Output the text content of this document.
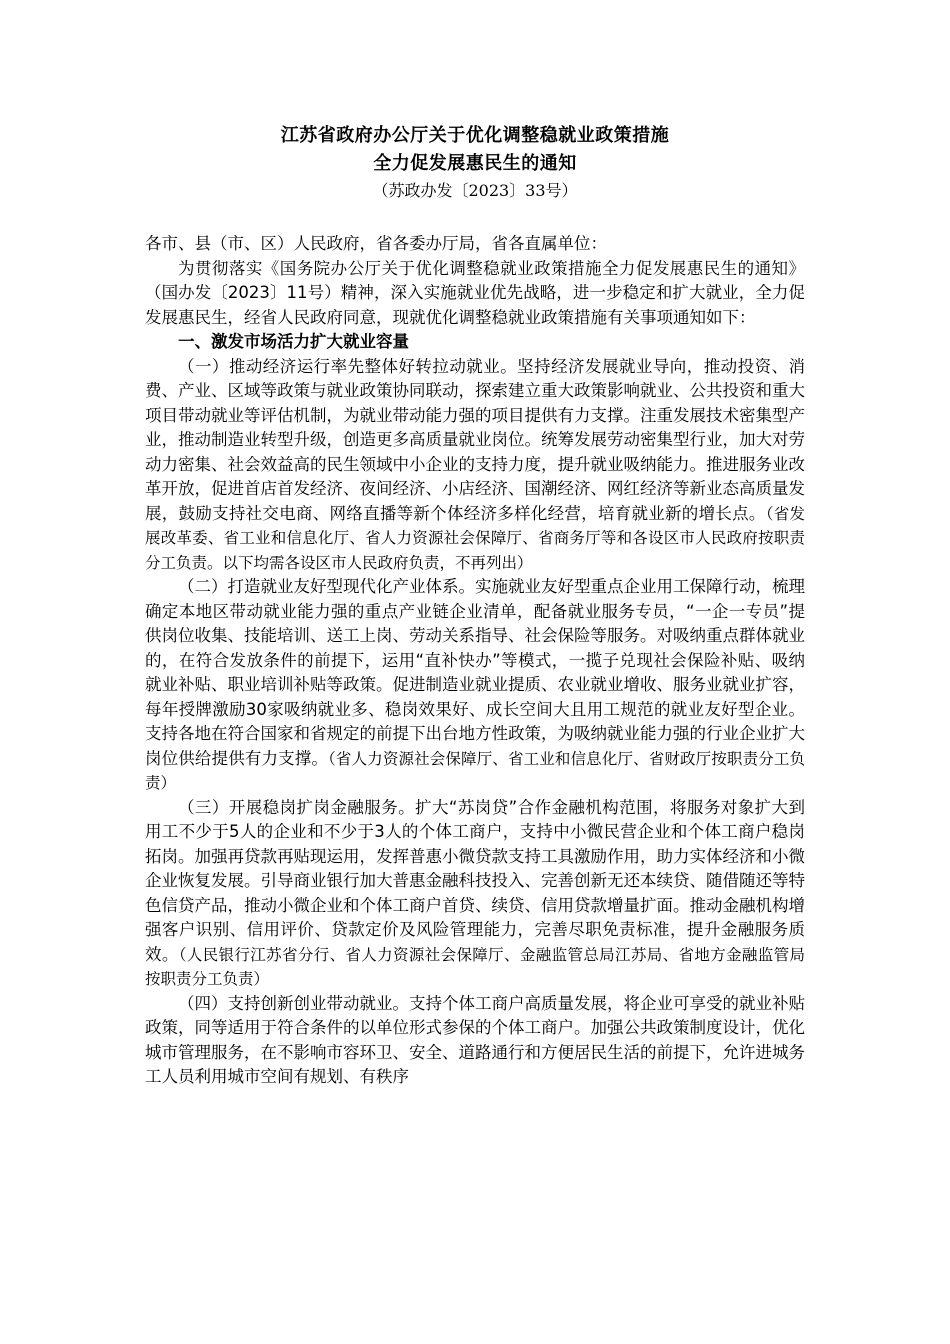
江苏省政府办公厅关于优化调整稳就业政策措施
全力促发展惠民生的通知

（苏政办发〔2023〕33号）

各市、县（市、区）人民政府，省各委办厅局，省各直属单位：

为贯彻落实《国务院办公厅关于优化调整稳就业政策措施全力促发展惠民生的通知》（国办发〔2023〕11号）精神，深入实施就业优先战略，进一步稳定和扩大就业，全力促发展惠民生，经省人民政府同意，现就优化调整稳就业政策措施有关事项通知如下：

一、激发市场活力扩大就业容量

（一）推动经济运行率先整体好转拉动就业。坚持经济发展就业导向，推动投资、消费、产业、区域等政策与就业政策协同联动，探索建立重大政策影响就业、公共投资和重大项目带动就业等评估机制，为就业带动能力强的项目提供有力支撑。注重发展技术密集型产业，推动制造业转型升级，创造更多高质量就业岗位。统筹发展劳动密集型行业，加大对劳动力密集、社会效益高的民生领域中小企业的支持力度，提升就业吸纳能力。推进服务业改革开放，促进首店首发经济、夜间经济、小店经济、国潮经济、网红经济等新业态高质量发展，鼓励支持社交电商、网络直播等新个体经济多样化经营，培育就业新的增长点。（省发展改革委、省工业和信息化厅、省人力资源社会保障厅、省商务厅等和各设区市人民政府按职责分工负责。以下均需各设区市人民政府负责，不再列出）

（二）打造就业友好型现代化产业体系。实施就业友好型重点企业用工保障行动，梳理确定本地区带动就业能力强的重点产业链企业清单，配备就业服务专员，“一企一专员”提供岗位收集、技能培训、送工上岗、劳动关系指导、社会保险等服务。对吸纳重点群体就业的，在符合发放条件的前提下，运用“直补快办”等模式，一揽子兑现社会保险补贴、吸纳就业补贴、职业培训补贴等政策。促进制造业就业提质、农业就业增收、服务业就业扩容，每年授牌激励30家吸纳就业多、稳岗效果好、成长空间大且用工规范的就业友好型企业。支持各地在符合国家和省规定的前提下出台地方性政策，为吸纳就业能力强的行业企业扩大岗位供给提供有力支撑。（省人力资源社会保障厅、省工业和信息化厅、省财政厅按职责分工负责）

（三）开展稳岗扩岗金融服务。扩大“苏岗贷”合作金融机构范围，将服务对象扩大到用工不少于5人的企业和不少于3人的个体工商户，支持中小微民营企业和个体工商户稳岗拓岗。加强再贷款再贴现运用，发挥普惠小微贷款支持工具激励作用，助力实体经济和小微企业恢复发展。引导商业银行加大普惠金融科技投入、完善创新无还本续贷、随借随还等特色信贷产品，推动小微企业和个体工商户首贷、续贷、信用贷款增量扩面。推动金融机构增强客户识别、信用评价、贷款定价及风险管理能力，完善尽职免责标准，提升金融服务质效。（人民银行江苏省分行、省人力资源社会保障厅、金融监管总局江苏局、省地方金融监管局按职责分工负责）

（四）支持创新创业带动就业。支持个体工商户高质量发展，将企业可享受的就业补贴政策，同等适用于符合条件的以单位形式参保的个体工商户。加强公共政策制度设计，优化城市管理服务，在不影响市容环卫、安全、道路通行和方便居民生活的前提下，允许进城务工人员利用城市空间有规划、有秩序
